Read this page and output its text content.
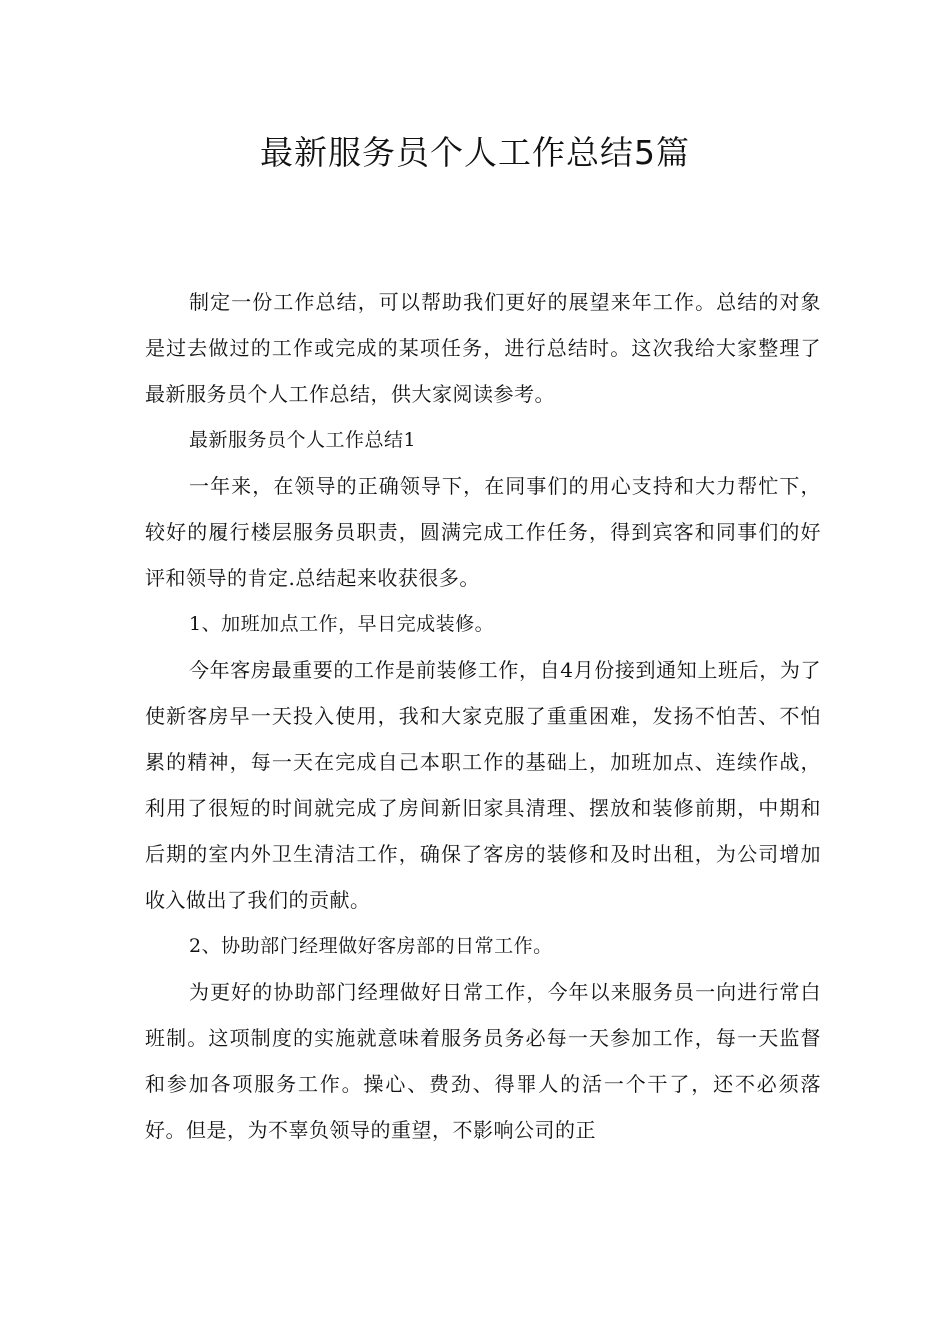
最新服务员个人工作总结5篇

制定一份工作总结，可以帮助我们更好的展望来年工作。总结的对象是过去做过的工作或完成的某项任务，进行总结时。这次我给大家整理了最新服务员个人工作总结，供大家阅读参考。

最新服务员个人工作总结1

一年来，在领导的正确领导下，在同事们的用心支持和大力帮忙下，较好的履行楼层服务员职责，圆满完成工作任务，得到宾客和同事们的好评和领导的肯定.总结起来收获很多。

1、加班加点工作，早日完成装修。

今年客房最重要的工作是前装修工作，自4月份接到通知上班后，为了使新客房早一天投入使用，我和大家克服了重重困难，发扬不怕苦、不怕累的精神，每一天在完成自己本职工作的基础上，加班加点、连续作战，利用了很短的时间就完成了房间新旧家具清理、摆放和装修前期，中期和后期的室内外卫生清洁工作，确保了客房的装修和及时出租，为公司增加收入做出了我们的贡献。

2、协助部门经理做好客房部的日常工作。

为更好的协助部门经理做好日常工作，今年以来服务员一向进行常白班制。这项制度的实施就意味着服务员务必每一天参加工作，每一天监督和参加各项服务工作。操心、费劲、得罪人的活一个干了，还不必须落好。但是，为不辜负领导的重望，不影响公司的正
